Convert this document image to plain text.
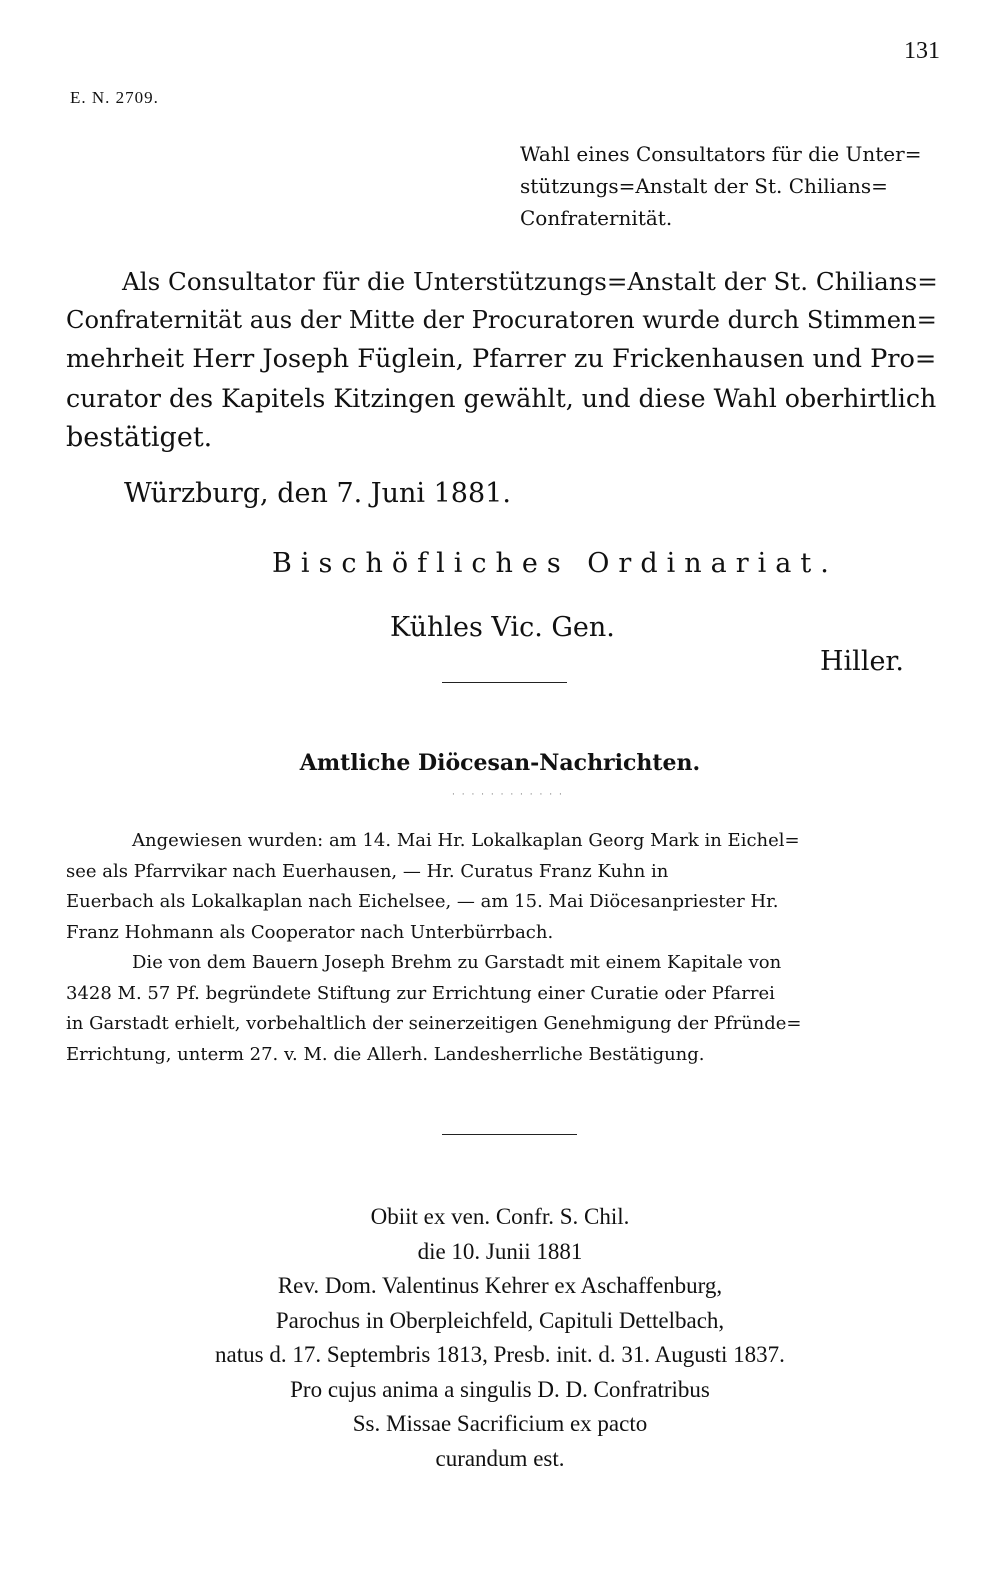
131
E. N. 2709.
Wahl eines Consultators für die Unter=
stützungs=Anstalt der St. Chilians=
Confraternität.
Als Consultator für die Unterstützungs=Anstalt der St. Chilians=
Confraternität aus der Mitte der Procuratoren wurde durch Stimmen=
mehrheit Herr Joseph Füglein, Pfarrer zu Frickenhausen und Pro=
curator des Kapitels Kitzingen gewählt, und diese Wahl oberhirtlich
bestätiget.
Würzburg, den 7. Juni 1881.
Bischöfliches Ordinariat.
Kühles Vic. Gen.
Hiller.
Amtliche Diöcesan-Nachrichten.
· · · · · · · · · · · ·
Angewiesen wurden: am 14. Mai Hr. Lokalkaplan Georg Mark in Eichel=
see als Pfarrvikar nach Euerhausen, — Hr. Curatus Franz Kuhn in
Euerbach als Lokalkaplan nach Eichelsee, — am 15. Mai Diöcesanpriester Hr.
Franz Hohmann als Cooperator nach Unterbürrbach.
Die von dem Bauern Joseph Brehm zu Garstadt mit einem Kapitale von
3428 M. 57 Pf. begründete Stiftung zur Errichtung einer Curatie oder Pfarrei
in Garstadt erhielt, vorbehaltlich der seinerzeitigen Genehmigung der Pfründe=
Errichtung, unterm 27. v. M. die Allerh. Landesherrliche Bestätigung.
Obiit ex ven. Confr. S. Chil.
die 10. Junii 1881
Rev. Dom. Valentinus Kehrer ex Aschaffenburg,
Parochus in Oberpleichfeld, Capituli Dettelbach,
natus d. 17. Septembris 1813, Presb. init. d. 31. Augusti 1837.
Pro cujus anima a singulis D. D. Confratribus
Ss. Missae Sacrificium ex pacto
curandum est.
